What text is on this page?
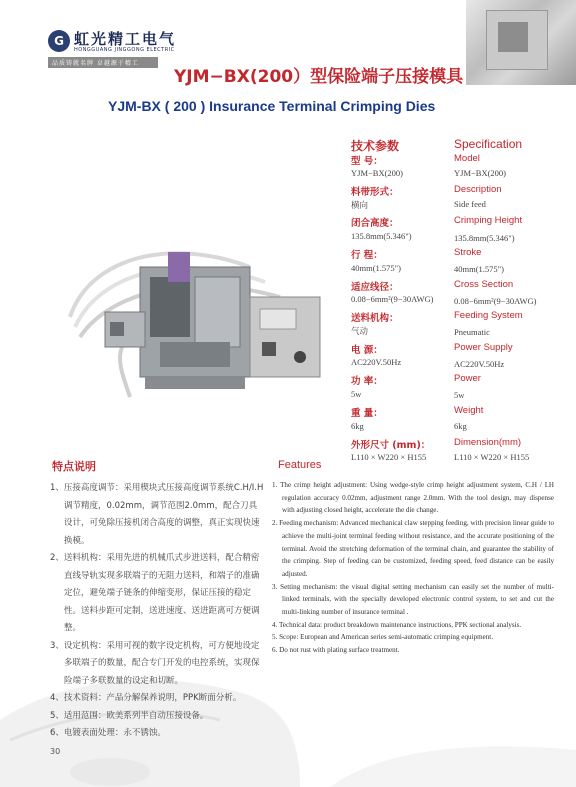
G 虹光精工电气
HONGGUANG JINGGONG ELECTRIC
品质铸就名牌 卓越源于精工
YJM−BX(200）型保险端子压接模具
YJM-BX ( 200 ) Insurance Terminal Crimping Dies
技术参数	Specification
型 号：
YJM−BX(200)
料带形式：
横向
闭合高度：
135.8mm(5.346")
行 程：
40mm(1.575")
适应线径：
0.08−6mm²(9−30AWG)
送料机构：
气动
电 源：
AC220V.50Hz
功 率：
5w
重 量：
6kg
外形尺寸 (mm)：
L110 × W220 × H155
Model
YJM−BX(200)
Description
Side feed
Crimping Height
135.8mm(5.346")
Stroke
40mm(1.575")
Cross Section
0.08−6mm²(9−30AWG)
Feeding System
Pneumatic
Power Supply
AC220V.50Hz
Power
5w
Weight
6kg
Dimension(mm)
L110 × W220 × H155
特点说明	Features
1、压接高度调节：采用楔块式压接高度调节系统C.H/I.H调节精度，0.02mm，调节范围2.0mm，配合刀具设计，可免除压接机闭合高度的调整，真正实现快速换模。
2、送料机构：采用先进的机械爪式步进送料，配合精密直线导轨实现多联端子的无阻力送料，和端子的准确定位，避免端子链条的伸缩变形，保证压接的稳定性。送料步距可定制，送进速度、送进距离可方便调整。
3、设定机构：采用可视的数字设定机构，可方便地设定多联端子的数量，配合专门开发的电控系统，实现保险端子多联数量的设定和切断。
4、技术资料：产品分解保养说明，PPK断面分析。
5、适用范围：欧美系列半自动压接设备。
6、电镀表面处理：永不锈蚀。
1. The crimp height adjustment: Using wedge-style crimp height adjustment system, C.H / I.H regulation accuracy 0.02mm, adjustment range 2.0mm. With the tool design, may dispense with adjusting closed height, accelerate the die change.
2. Feeding mechanism: Advanced mechanical claw stepping feeding, with precision linear guide to achieve the multi-joint terminal feeding without resistance, and the accurate positioning of the terminal. Avoid the stretching deformation of the terminal chain, and guarantee the stability of the crimping. Step of feeding can be customized, feeding speed, feed distance can be easily adjusted.
3. Setting mechanism: the visual digital setting mechanism can easily set the number of multi-linked terminals, with the specially developed electronic control system, to set and cut the multi-linking number of insurance terminal .
4. Technical data: product breakdown maintenance instructions, PPK sectional analysis.
5. Scope: European and American series semi-automatic crimping equipment.
6. Do not rust with plating surface treatment.
30
